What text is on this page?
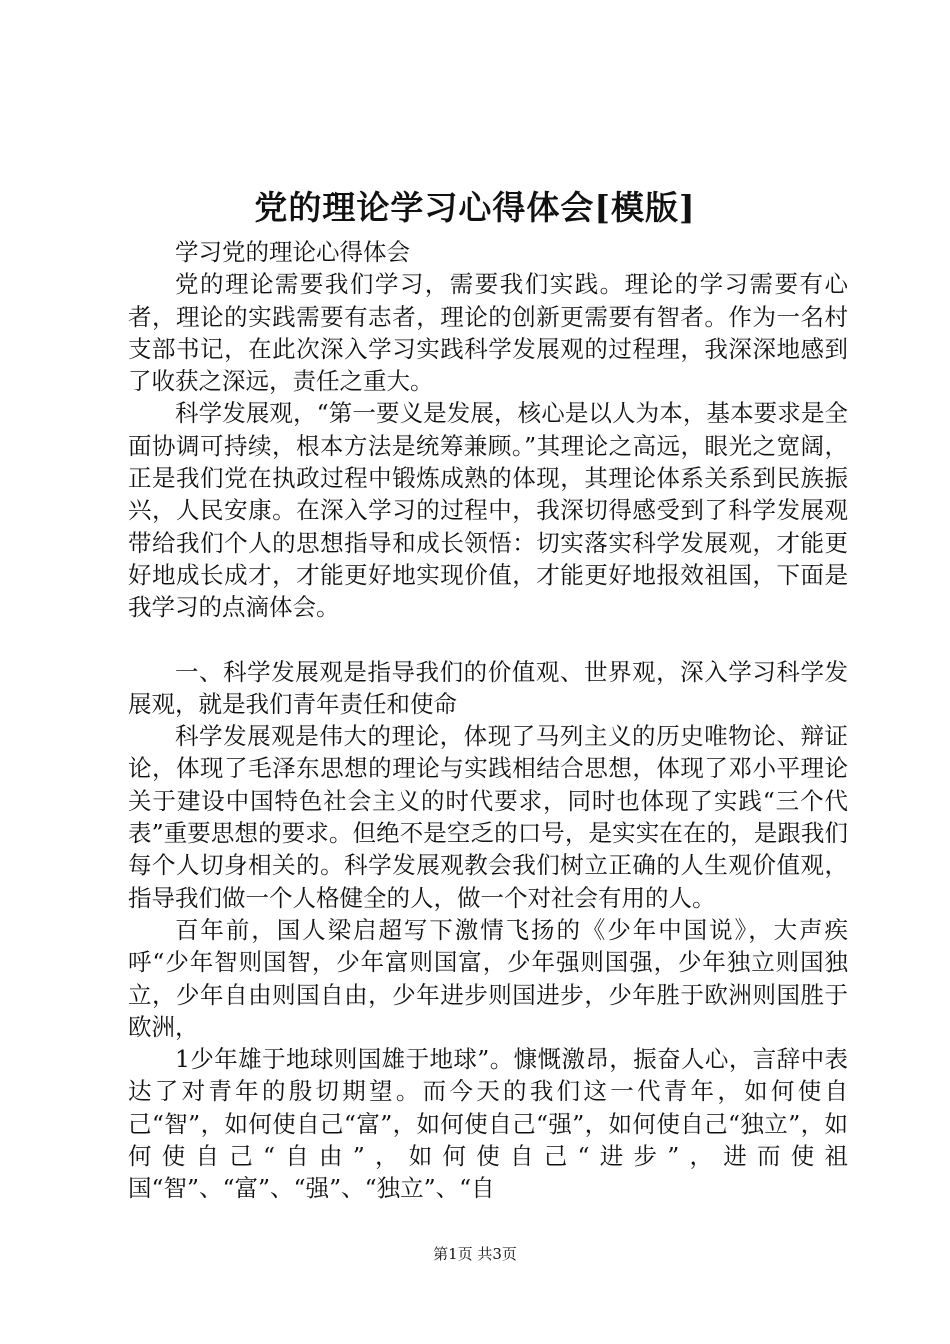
党的理论学习心得体会[模版]

学习党的理论心得体会

党的理论需要我们学习，需要我们实践。理论的学习需要有心者，理论的实践需要有志者，理论的创新更需要有智者。作为一名村支部书记，在此次深入学习实践科学发展观的过程理，我深深地感到了收获之深远，责任之重大。

科学发展观，“第一要义是发展，核心是以人为本，基本要求是全面协调可持续，根本方法是统筹兼顾。”其理论之高远，眼光之宽阔，正是我们党在执政过程中锻炼成熟的体现，其理论体系关系到民族振兴，人民安康。在深入学习的过程中，我深切得感受到了科学发展观带给我们个人的思想指导和成长领悟：切实落实科学发展观，才能更好地成长成才，才能更好地实现价值，才能更好地报效祖国，下面是我学习的点滴体会。

一、科学发展观是指导我们的价值观、世界观，深入学习科学发展观，就是我们青年责任和使命

科学发展观是伟大的理论，体现了马列主义的历史唯物论、辩证论，体现了毛泽东思想的理论与实践相结合思想，体现了邓小平理论关于建设中国特色社会主义的时代要求，同时也体现了实践“三个代表”重要思想的要求。但绝不是空乏的口号，是实实在在的，是跟我们每个人切身相关的。科学发展观教会我们树立正确的人生观价值观，指导我们做一个人格健全的人，做一个对社会有用的人。

百年前，国人梁启超写下激情飞扬的《少年中国说》，大声疾呼“少年智则国智，少年富则国富，少年强则国强，少年独立则国独立，少年自由则国自由，少年进步则国进步，少年胜于欧洲则国胜于欧洲，

1少年雄于地球则国雄于地球”。慷慨激昂，振奋人心，言辞中表达了对青年的殷切期望。而今天的我们这一代青年，如何使自己“智”，如何使自己“富”，如何使自己“强”，如何使自己“独立”，如何使自己“自由”，如何使自己“进步”，进而使祖国“智”、“富”、“强”、“独立”、“自

第1页 共3页
